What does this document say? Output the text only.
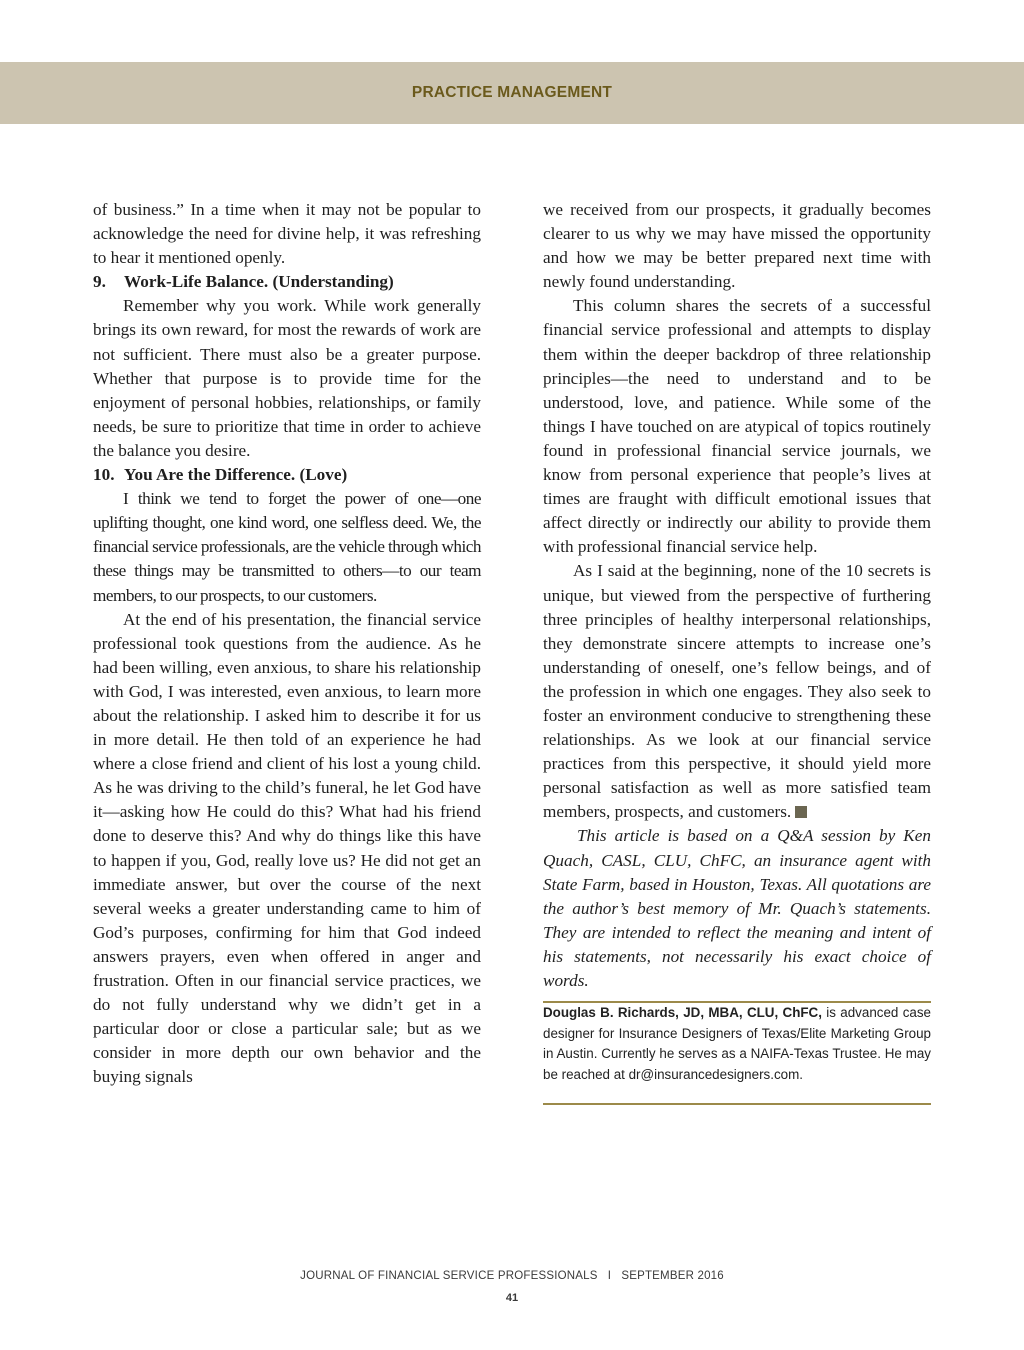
PRACTICE MANAGEMENT

of business.” In a time when it may not be popular to acknowledge the need for divine help, it was refreshing to hear it mentioned openly.

9.	Work-Life Balance. (Understanding)

Remember why you work. While work generally brings its own reward, for most the rewards of work are not sufficient. There must also be a greater purpose. Whether that purpose is to provide time for the enjoyment of personal hobbies, relationships, or family needs, be sure to prioritize that time in order to achieve the balance you desire.

10. You Are the Difference. (Love)

I think we tend to forget the power of one—one uplifting thought, one kind word, one selfless deed. We, the financial service professionals, are the vehicle through which these things may be transmitted to others—to our team members, to our prospects, to our customers.

At the end of his presentation, the financial service professional took questions from the audience. As he had been willing, even anxious, to share his relationship with God, I was interested, even anxious, to learn more about the relationship. I asked him to describe it for us in more detail. He then told of an experience he had where a close friend and client of his lost a young child. As he was driving to the child’s funeral, he let God have it—asking how He could do this? What had his friend done to deserve this? And why do things like this have to happen if you, God, really love us? He did not get an immediate answer, but over the course of the next several weeks a greater understanding came to him of God’s purposes, confirming for him that God indeed answers prayers, even when offered in anger and frustration. Often in our financial service practices, we do not fully understand why we didn’t get in a particular door or close a particular sale; but as we consider in more depth our own behavior and the buying signals

we received from our prospects, it gradually becomes clearer to us why we may have missed the opportunity and how we may be better prepared next time with newly found understanding.

This column shares the secrets of a successful financial service professional and attempts to display them within the deeper backdrop of three relationship principles—the need to understand and to be understood, love, and patience. While some of the things I have touched on are atypical of topics routinely found in professional financial service journals, we know from personal experience that people’s lives at times are fraught with difficult emotional issues that affect directly or indirectly our ability to provide them with professional financial service help.

As I said at the beginning, none of the 10 secrets is unique, but viewed from the perspective of furthering three principles of healthy interpersonal relationships, they demonstrate sincere attempts to increase one’s understanding of oneself, one’s fellow beings, and of the profession in which one engages. They also seek to foster an environment conducive to strengthening these relationships. As we look at our financial service practices from this perspective, it should yield more personal satisfaction as well as more satisfied team members, prospects, and customers.

This article is based on a Q&A session by Ken Quach, CASL, CLU, ChFC, an insurance agent with State Farm, based in Houston, Texas. All quotations are the author’s best memory of Mr. Quach’s statements. They are intended to reflect the meaning and intent of his statements, not necessarily his exact choice of words.

Douglas B. Richards, JD, MBA, CLU, ChFC, is advanced case designer for Insurance Designers of Texas/Elite Marketing Group in Austin. Currently he serves as a NAIFA-Texas Trustee. He may be reached at dr@insurancedesigners.com.

JOURNAL OF FINANCIAL SERVICE PROFESSIONALS   I   SEPTEMBER 2016
41
